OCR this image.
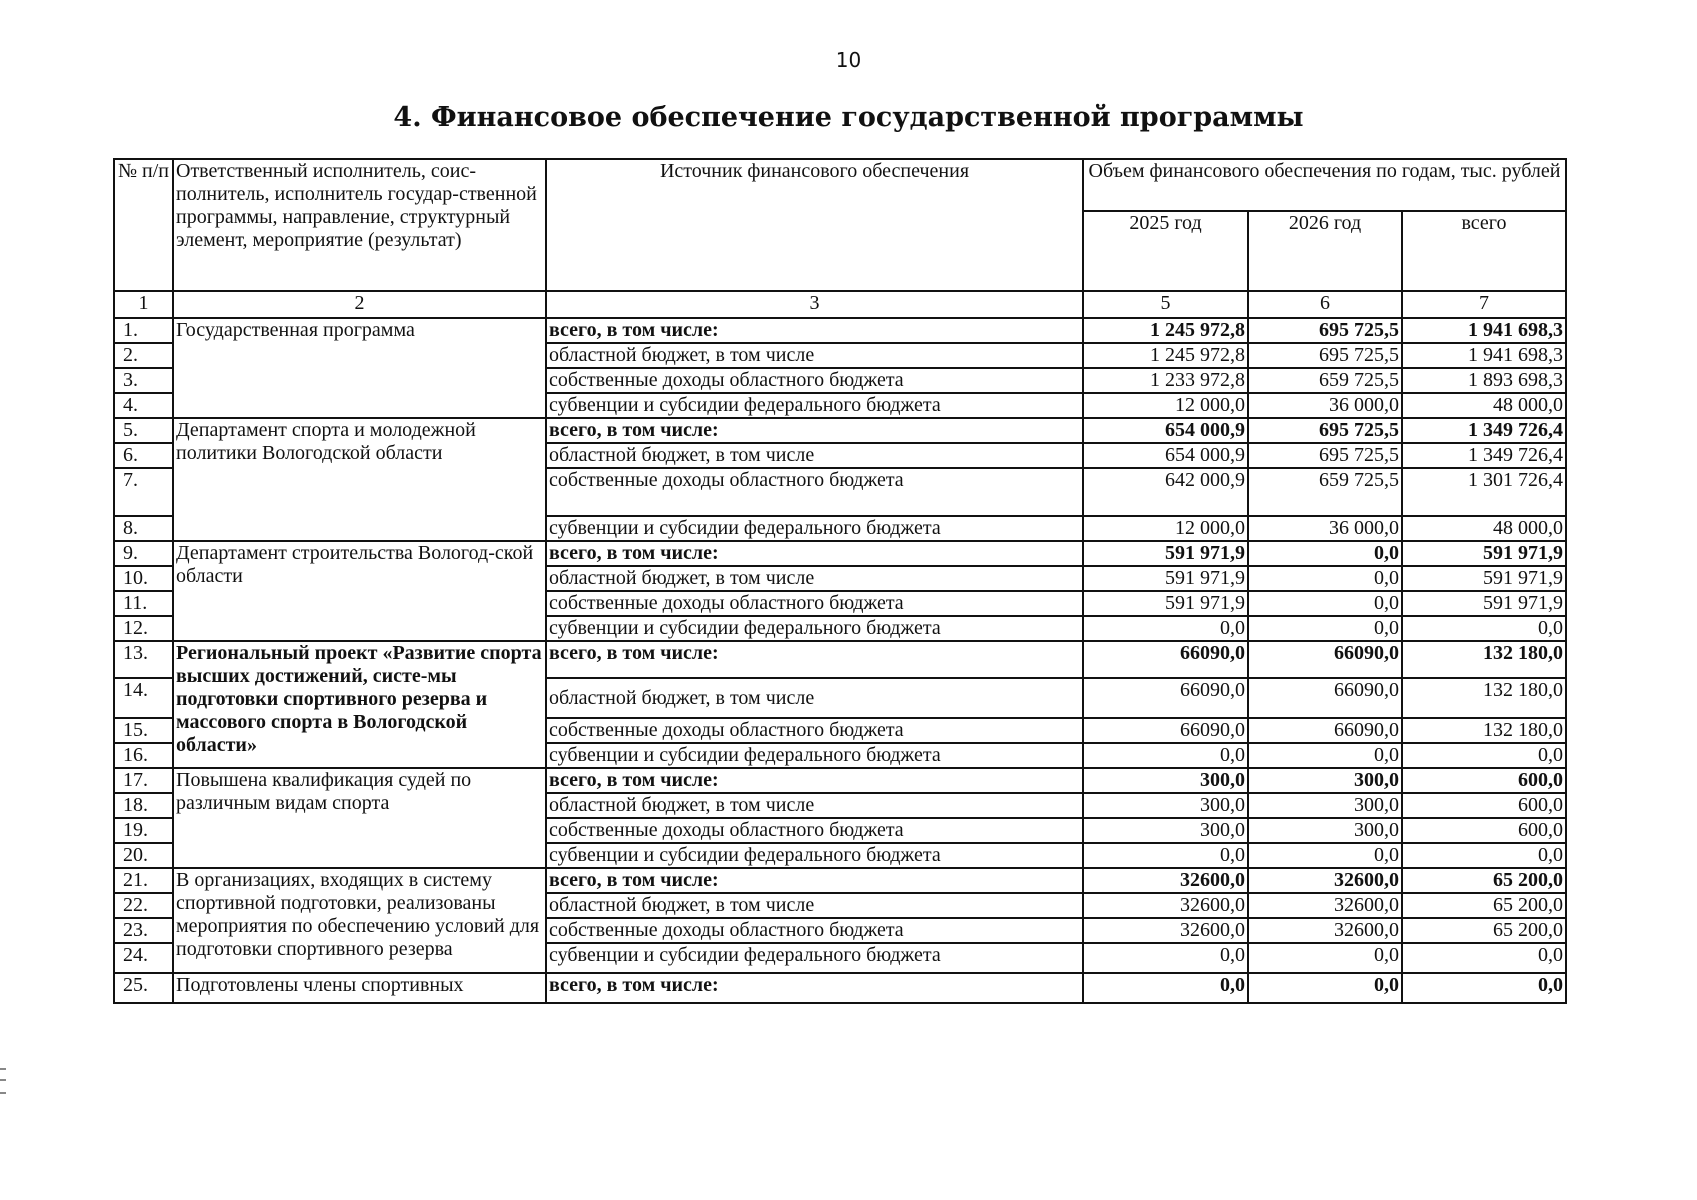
10
4. Финансовое обеспечение государственной программы
№ п/п	Ответственный исполнитель, соис-полнитель, исполнитель государ-ственной программы, направление, структурный элемент, мероприятие (результат)	Источник финансового обеспечения	Объем финансового обеспечения по годам, тыс. рублей		
			2025 год	2026 год	всего
1	2	3	5	6	7
1.	Государственная программа	всего, в том числе:	1 245 972,8	695 725,5	1 941 698,3
2.		областной бюджет, в том числе	1 245 972,8	695 725,5	1 941 698,3
3.		собственные доходы областного бюджета	1 233 972,8	659 725,5	1 893 698,3
4.		субвенции и субсидии федерального бюджета	12 000,0	36 000,0	48 000,0
5.	Департамент спорта и молодежной политики Вологодской области	всего, в том числе:	654 000,9	695 725,5	1 349 726,4
6.		областной бюджет, в том числе	654 000,9	695 725,5	1 349 726,4
7.		собственные доходы областного бюджета	642 000,9	659 725,5	1 301 726,4
8.		субвенции и субсидии федерального бюджета	12 000,0	36 000,0	48 000,0
9.	Департамент строительства Вологод-ской области	всего, в том числе:	591 971,9	0,0	591 971,9
10.		областной бюджет, в том числе	591 971,9	0,0	591 971,9
11.		собственные доходы областного бюджета	591 971,9	0,0	591 971,9
12.		субвенции и субсидии федерального бюджета	0,0	0,0	0,0
13.	Региональный проект «Развитие спорта высших достижений, систе-мы подготовки спортивного резерва и массового спорта в Вологодской области»	всего, в том числе:	66090,0	66090,0	132 180,0
14.		областной бюджет, в том числе	66090,0	66090,0	132 180,0
15.		собственные доходы областного бюджета	66090,0	66090,0	132 180,0
16.		субвенции и субсидии федерального бюджета	0,0	0,0	0,0
17.	Повышена квалификация судей по различным видам спорта	всего, в том числе:	300,0	300,0	600,0
18.		областной бюджет, в том числе	300,0	300,0	600,0
19.		собственные доходы областного бюджета	300,0	300,0	600,0
20.		субвенции и субсидии федерального бюджета	0,0	0,0	0,0
21.	В организациях, входящих в систему спортивной подготовки, реализованы мероприятия по обеспечению условий для подготовки спортивного резерва	всего, в том числе:	32600,0	32600,0	65 200,0
22.		областной бюджет, в том числе	32600,0	32600,0	65 200,0
23.		собственные доходы областного бюджета	32600,0	32600,0	65 200,0
24.		субвенции и субсидии федерального бюджета	0,0	0,0	0,0
25.	Подготовлены члены спортивных	всего, в том числе:	0,0	0,0	0,0
